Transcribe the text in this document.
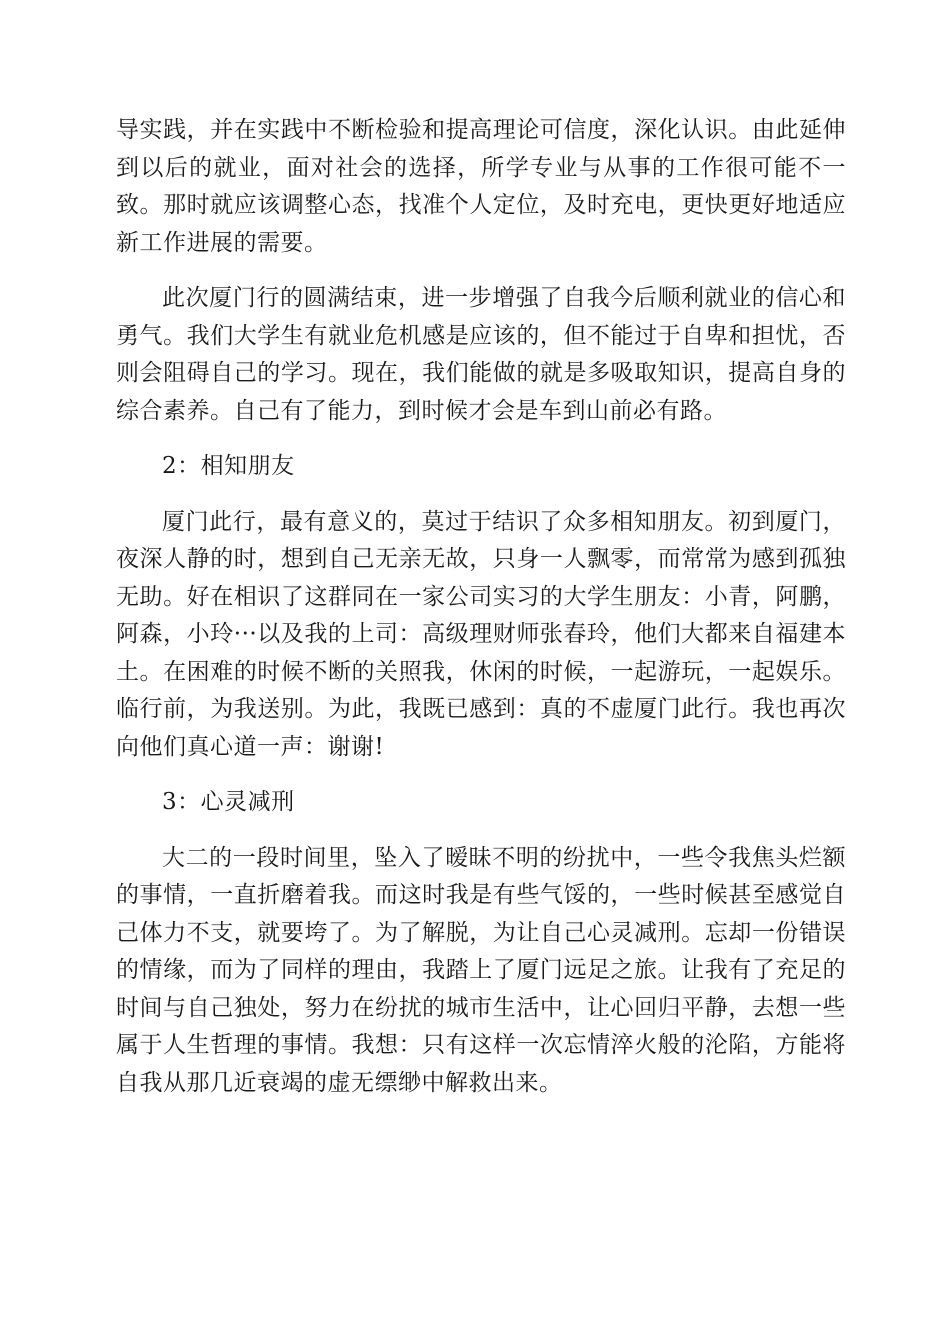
导实践，并在实践中不断检验和提高理论可信度，深化认识。由此延伸到以后的就业，面对社会的选择，所学专业与从事的工作很可能不一致。那时就应该调整心态，找准个人定位，及时充电，更快更好地适应新工作进展的需要。

此次厦门行的圆满结束，进一步增强了自我今后顺利就业的信心和勇气。我们大学生有就业危机感是应该的，但不能过于自卑和担忧，否则会阻碍自己的学习。现在，我们能做的就是多吸取知识，提高自身的综合素养。自己有了能力，到时候才会是车到山前必有路。

2：相知朋友

厦门此行，最有意义的，莫过于结识了众多相知朋友。初到厦门，夜深人静的时，想到自己无亲无故，只身一人飘零，而常常为感到孤独无助。好在相识了这群同在一家公司实习的大学生朋友：小青，阿鹏，阿森，小玲···以及我的上司：高级理财师张春玲，他们大都来自福建本土。在困难的时候不断的关照我，休闲的时候，一起游玩，一起娱乐。临行前，为我送别。为此，我既已感到：真的不虚厦门此行。我也再次向他们真心道一声：谢谢!

3：心灵减刑

大二的一段时间里，坠入了暧昧不明的纷扰中，一些令我焦头烂额的事情，一直折磨着我。而这时我是有些气馁的，一些时候甚至感觉自己体力不支，就要垮了。为了解脱，为让自己心灵减刑。忘却一份错误的情缘，而为了同样的理由，我踏上了厦门远足之旅。让我有了充足的时间与自己独处，努力在纷扰的城市生活中，让心回归平静，去想一些属于人生哲理的事情。我想：只有这样一次忘情淬火般的沦陷，方能将自我从那几近衰竭的虚无缥缈中解救出来。
